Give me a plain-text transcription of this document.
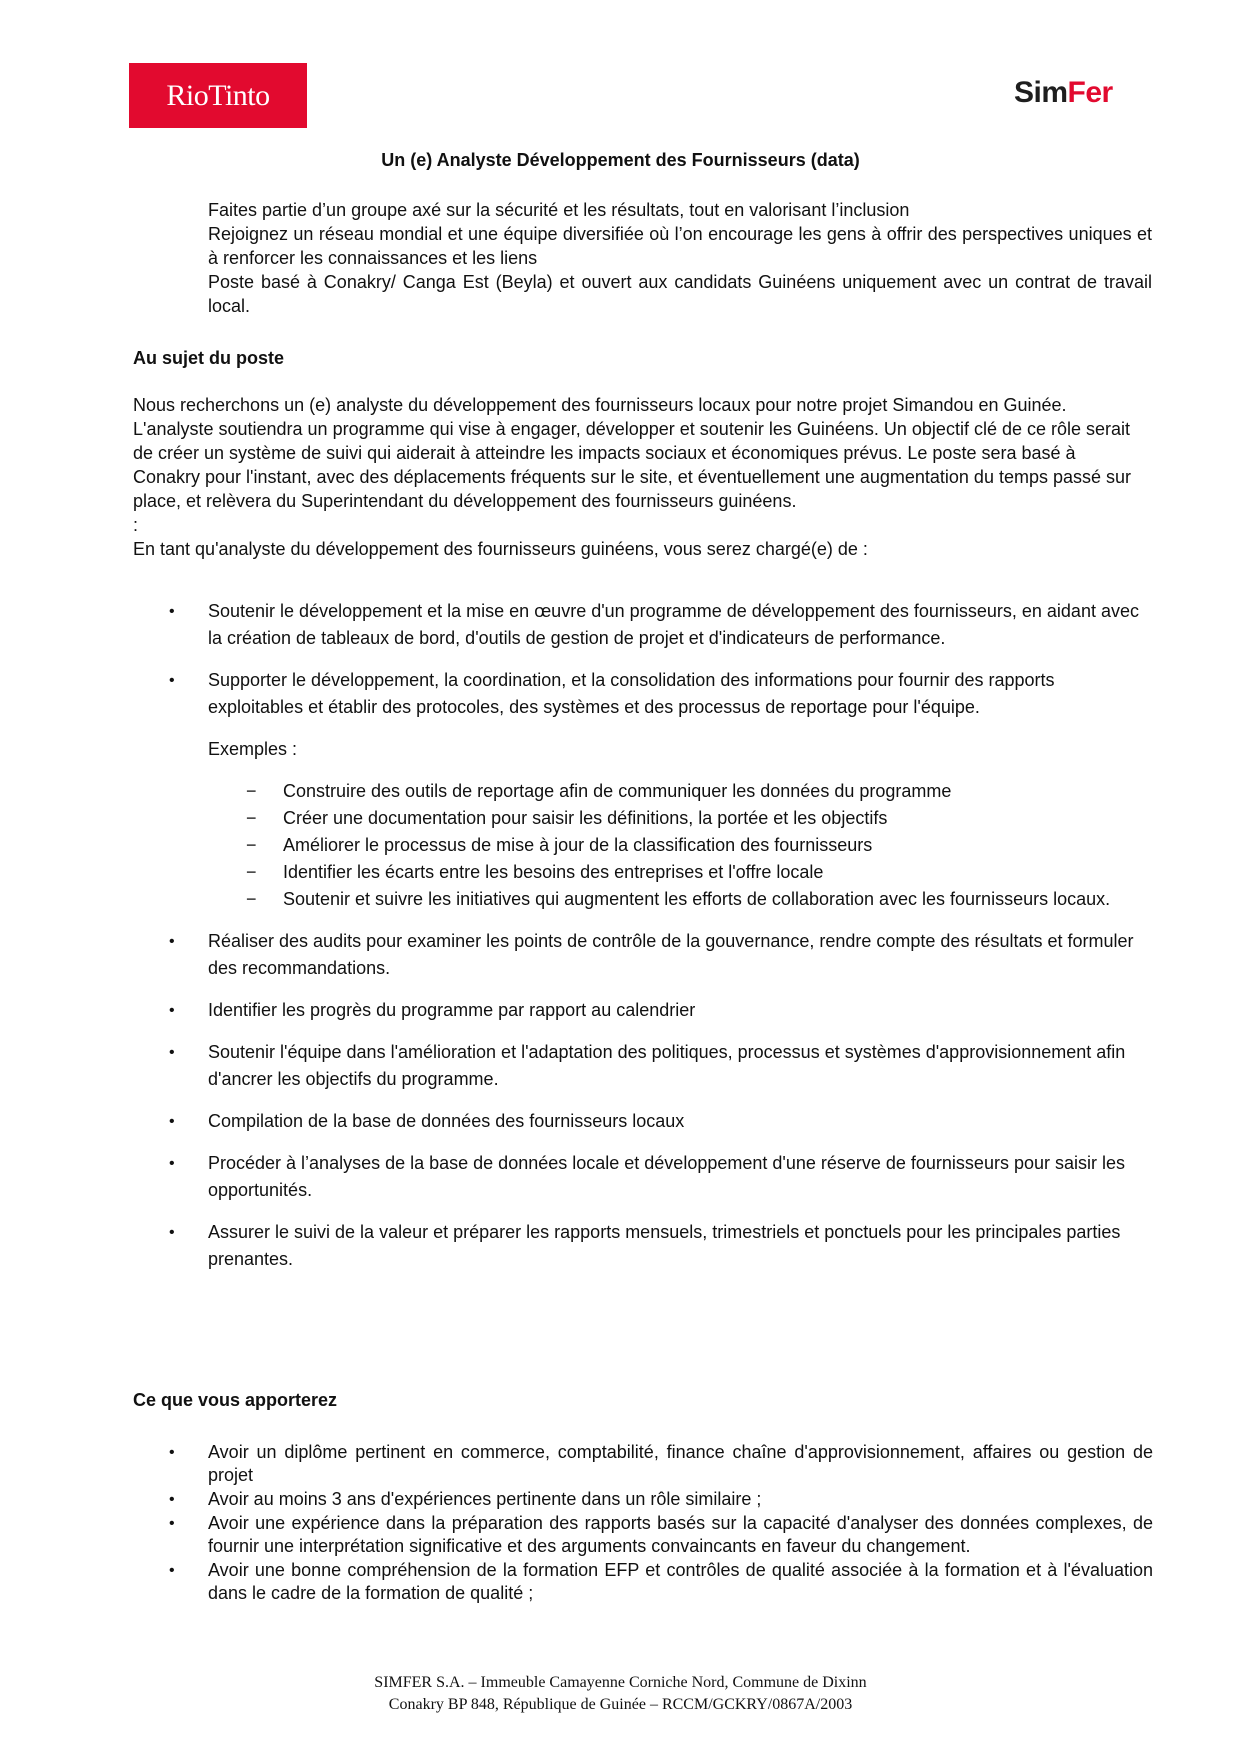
RioTinto	SimFer
Un (e) Analyste Développement des Fournisseurs (data)

Faites partie d’un groupe axé sur la sécurité et les résultats, tout en valorisant l’inclusion

Rejoignez un réseau mondial et une équipe diversifiée où l’on encourage les gens à offrir des perspectives uniques et à renforcer les connaissances et les liens

Poste basé à Conakry/ Canga Est (Beyla) et ouvert aux candidats Guinéens uniquement avec un contrat de travail local.

Au sujet du poste

Nous recherchons un (e) analyste du développement des fournisseurs locaux pour notre projet Simandou en Guinée. L'analyste soutiendra un programme qui vise à engager, développer et soutenir les Guinéens. Un objectif clé de ce rôle serait de créer un système de suivi qui aiderait à atteindre les impacts sociaux et économiques prévus. Le poste sera basé à Conakry pour l'instant, avec des déplacements fréquents sur le site, et éventuellement une augmentation du temps passé sur place, et relèvera du Superintendant du développement des fournisseurs guinéens.

:

En tant qu'analyste du développement des fournisseurs guinéens, vous serez chargé(e) de :

• Soutenir le développement et la mise en œuvre d'un programme de développement des fournisseurs, en aidant avec la création de tableaux de bord, d'outils de gestion de projet et d'indicateurs de performance.
• Supporter le développement, la coordination, et la consolidation des informations pour fournir des rapports exploitables et établir des protocoles, des systèmes et des processus de reportage pour l'équipe.
Exemples :
− Construire des outils de reportage afin de communiquer les données du programme
− Créer une documentation pour saisir les définitions, la portée et les objectifs
− Améliorer le processus de mise à jour de la classification des fournisseurs
− Identifier les écarts entre les besoins des entreprises et l'offre locale
− Soutenir et suivre les initiatives qui augmentent les efforts de collaboration avec les fournisseurs locaux.
• Réaliser des audits pour examiner les points de contrôle de la gouvernance, rendre compte des résultats et formuler des recommandations.
• Identifier les progrès du programme par rapport au calendrier
• Soutenir l'équipe dans l'amélioration et l'adaptation des politiques, processus et systèmes d'approvisionnement afin d'ancrer les objectifs du programme.
• Compilation de la base de données des fournisseurs locaux
• Procéder à l’analyses de la base de données locale et développement d'une réserve de fournisseurs pour saisir les opportunités.
• Assurer le suivi de la valeur et préparer les rapports mensuels, trimestriels et ponctuels pour les principales parties prenantes.
Ce que vous apporterez
• Avoir un diplôme pertinent en commerce, comptabilité, finance chaîne d'approvisionnement, affaires ou gestion de projet
• Avoir au moins 3 ans d'expériences pertinente dans un rôle similaire ;
• Avoir une expérience dans la préparation des rapports basés sur la capacité d'analyser des données complexes, de fournir une interprétation significative et des arguments convaincants en faveur du changement.
• Avoir une bonne compréhension de la formation EFP et contrôles de qualité associée à la formation et à l'évaluation dans le cadre de la formation de qualité ;

SIMFER S.A. – Immeuble Camayenne Corniche Nord, Commune de Dixinn

Conakry BP 848, République de Guinée – RCCM/GCKRY/0867A/2003
